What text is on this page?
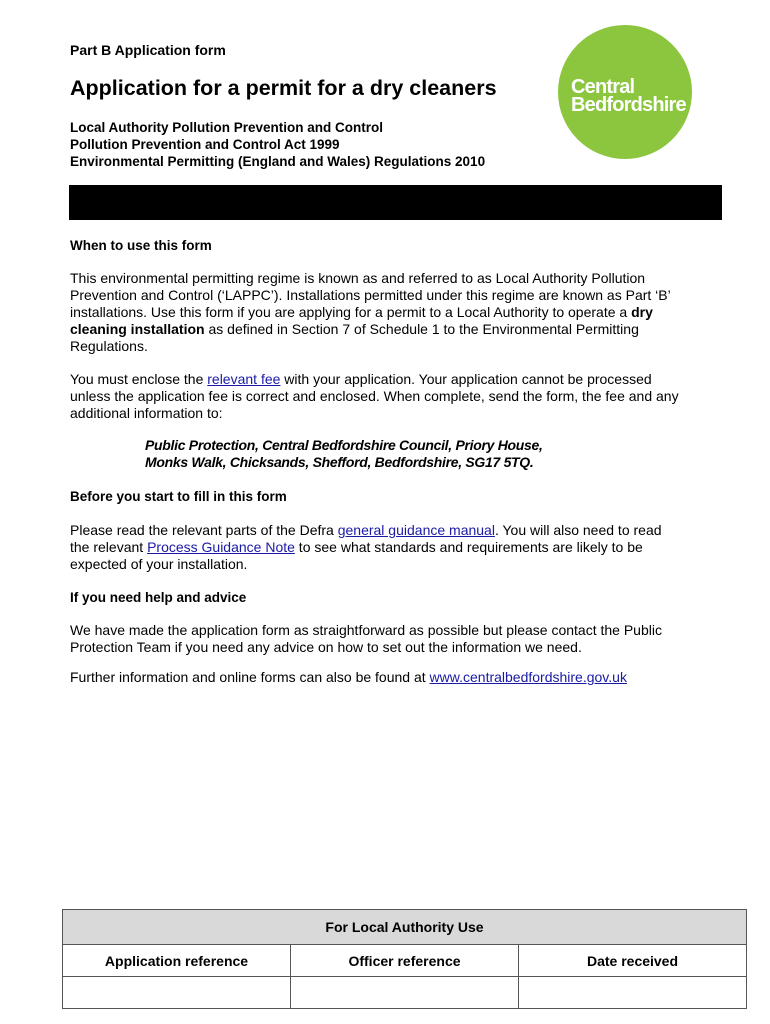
Part B Application form
Application for a permit for a dry cleaners
Local Authority Pollution Prevention and Control
Pollution Prevention and Control Act 1999
Environmental Permitting (England and Wales) Regulations 2010
Central
Bedfordshire
When to use this form
This environmental permitting regime is known as and referred to as Local Authority Pollution
Prevention and Control (‘LAPPC’). Installations permitted under this regime are known as Part ‘B’
installations. Use this form if you are applying for a permit to a Local Authority to operate a dry
cleaning installation as defined in Section 7 of Schedule 1 to the Environmental Permitting
Regulations.
You must enclose the relevant fee with your application. Your application cannot be processed
unless the application fee is correct and enclosed. When complete, send the form, the fee and any
additional information to:
Public Protection, Central Bedfordshire Council, Priory House,
Monks Walk, Chicksands, Shefford, Bedfordshire, SG17 5TQ.
Before you start to fill in this form
Please read the relevant parts of the Defra general guidance manual. You will also need to read
the relevant Process Guidance Note to see what standards and requirements are likely to be
expected of your installation.
If you need help and advice
We have made the application form as straightforward as possible but please contact the Public
Protection Team if you need any advice on how to set out the information we need.
Further information and online forms can also be found at www.centralbedfordshire.gov.uk
For Local Authority Use		
Application reference	Officer reference	Date received
